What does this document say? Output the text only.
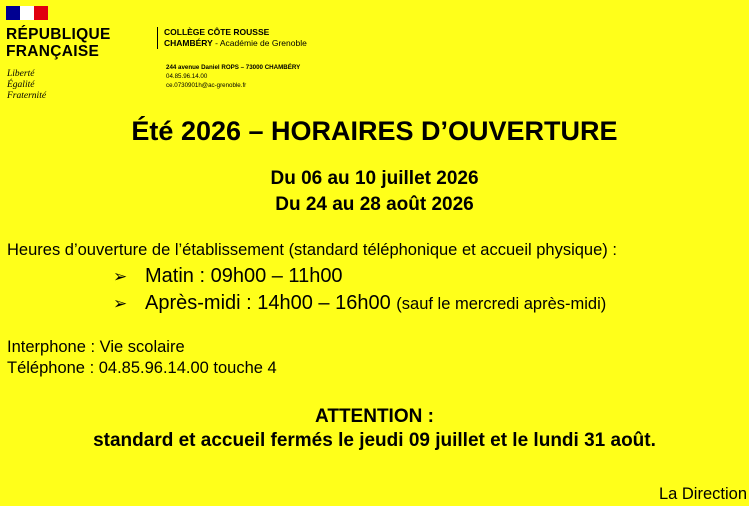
RÉPUBLIQUE
FRANÇAISE
Liberté
Égalité
Fraternité
COLLÈGE CÔTE ROUSSE
CHAMBÉRY - Académie de Grenoble
244 avenue Daniel ROPS – 73000 CHAMBÉRY
04.85.96.14.00
ce.0730901h@ac-grenoble.fr
Été 2026 – HORAIRES D’OUVERTURE
Du 06 au 10 juillet 2026
Du 24 au 28 août 2026
Heures d’ouverture de l’établissement (standard téléphonique et accueil physique) :
➢ Matin : 09h00 – 11h00
➢ Après-midi : 14h00 – 16h00 (sauf le mercredi après-midi)
Interphone : Vie scolaire
Téléphone : 04.85.96.14.00 touche 4
ATTENTION :
standard et accueil fermés le jeudi 09 juillet et le lundi 31 août.
La Direction
